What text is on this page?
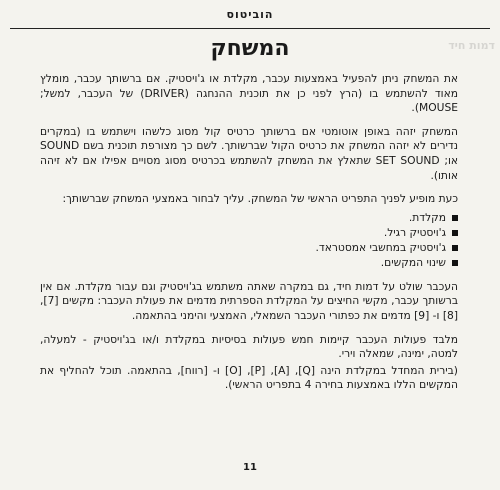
הוביטוס
דמות חיד
המשחק

את המשחק ניתן להפעיל באמצעות עכבר, מקלדת או ג'ויסטיק. אם ברשותך עכבר, מומלץ מאוד להשתמש בו (הרץ לפני כן את תוכנית ההנחגה (DRIVER) של העכבר, למשל; MOUSE).

המשחק יזהה באופן אוטומטי אם ברשותך כרטיס קול מסוג כלשהו וישתמש בו (במקרים נדירים לא יזהה המשחק את כרטיס הקול שברשותך. לשם כך מצורפת תוכנית בשם SOUND או; SET SOUND שתאלץ את המשחק להשתמש בכרטיס מסוג מסויים אפילו אם לא זיהה אותו).

כעת מופיע לפניך התפריט הראשי של המשחק. עליך לבחור באמצעי המשחק שברשותך:

מקלדת.
ג'ויסטיק רגיל.
ג'ויסטיק במחשבי אמסטראד.
שינוי המקשים.

העכבר שולט על דמות חיד, גם במקרה שאתה משתמש בג'ויסטיק וגם עבור מקלדת. אם אין ברשותך עכבר, מקשי החיצים על המקלדת הספרתית מדמים את פעולת העכבר: מקשים [7], [8] ו- [9] מדמים את כפתורי העכבר השמאלי, האמצעי והימני בהתאמה.

מלבד פעולות העכבר קיימות חמש פעולות בסיסיות במקלדת ו/או בג'ויסטיק - למעלה, למטה, ימינה, שמאלה וירי.

(בירית המחדל במקלדת הינה [Q], [A], [P], [O] ו- [רווח], בהתאמה. תוכל להחליף את המקשים הללו באמצעות בחירה 4 בתפריט הראשי).

11
